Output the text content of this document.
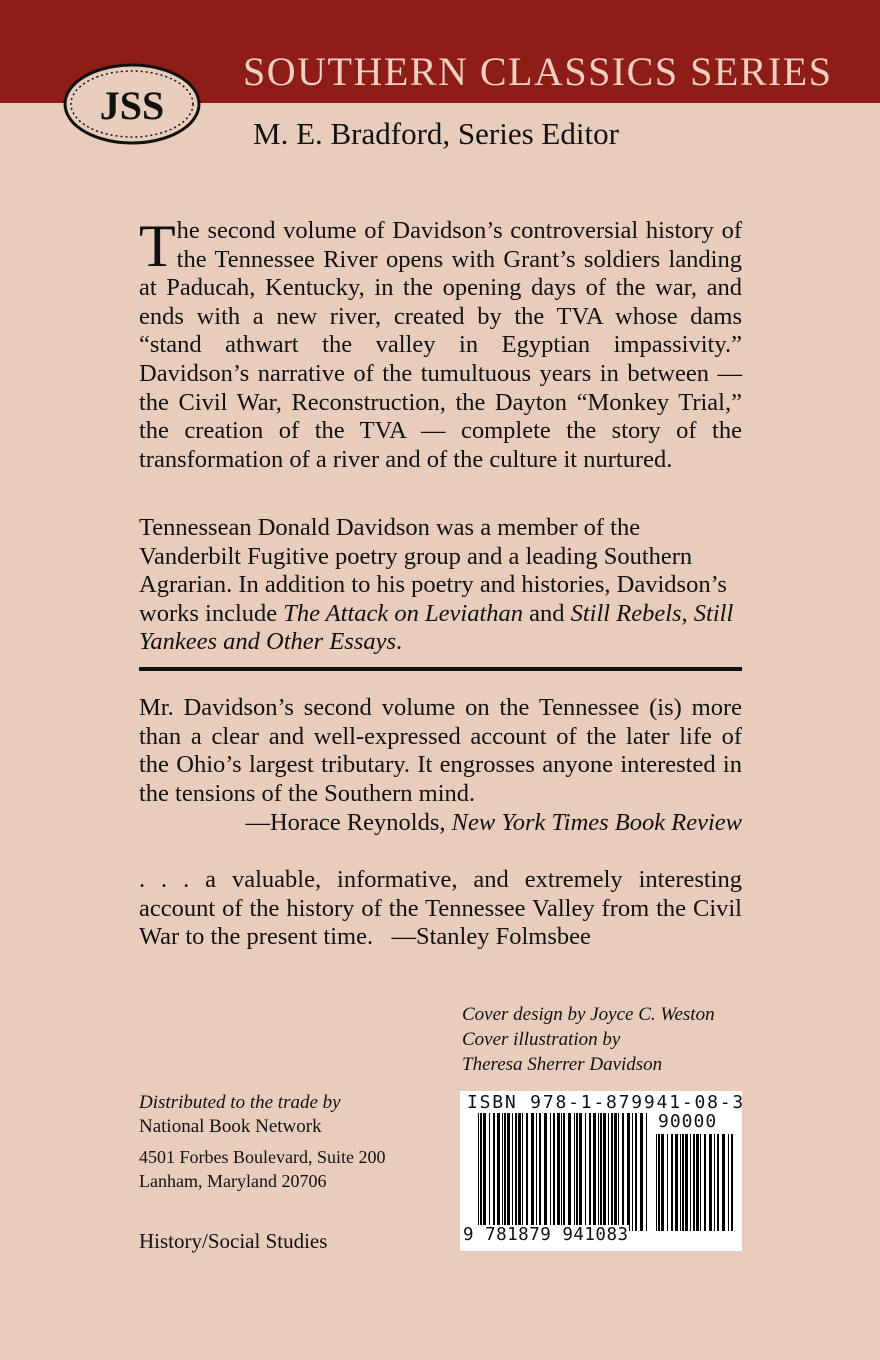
JSS
SOUTHERN CLASSICS SERIES
M. E. Bradford, Series Editor

The second volume of Davidson’s controversial history of the Tennessee River opens with Grant’s soldiers landing at Paducah, Kentucky, in the opening days of the war, and ends with a new river, created by the TVA whose dams “stand athwart the valley in Egyptian impassivity.” Davidson’s narrative of the tumultuous years in between — the Civil War, Reconstruction, the Dayton “Monkey Trial,” the creation of the TVA — complete the story of the transformation of a river and of the culture it nurtured.

Tennessean Donald Davidson was a member of the Vanderbilt Fugitive poetry group and a leading Southern Agrarian. In addition to his poetry and histories, Davidson’s works include The Attack on Leviathan and Still Rebels, Still Yankees and Other Essays.

Mr. Davidson’s second volume on the Tennessee (is) more than a clear and well-expressed account of the later life of the Ohio’s largest tributary. It engrosses anyone interested in the tensions of the Southern mind.

—Horace Reynolds, New York Times Book Review

. . . a valuable, informative, and extremely interesting account of the history of the Tennessee Valley from the Civil War to the present time. —Stanley Folmsbee

Cover design by Joyce C. Weston
Cover illustration by
Theresa Sherrer Davidson
Distributed to the trade by
National Book Network
4501 Forbes Boulevard, Suite 200
Lanham, Maryland 20706
History/Social Studies
ISBN 978-1-879941-08-3
90000
9 781879 941083
